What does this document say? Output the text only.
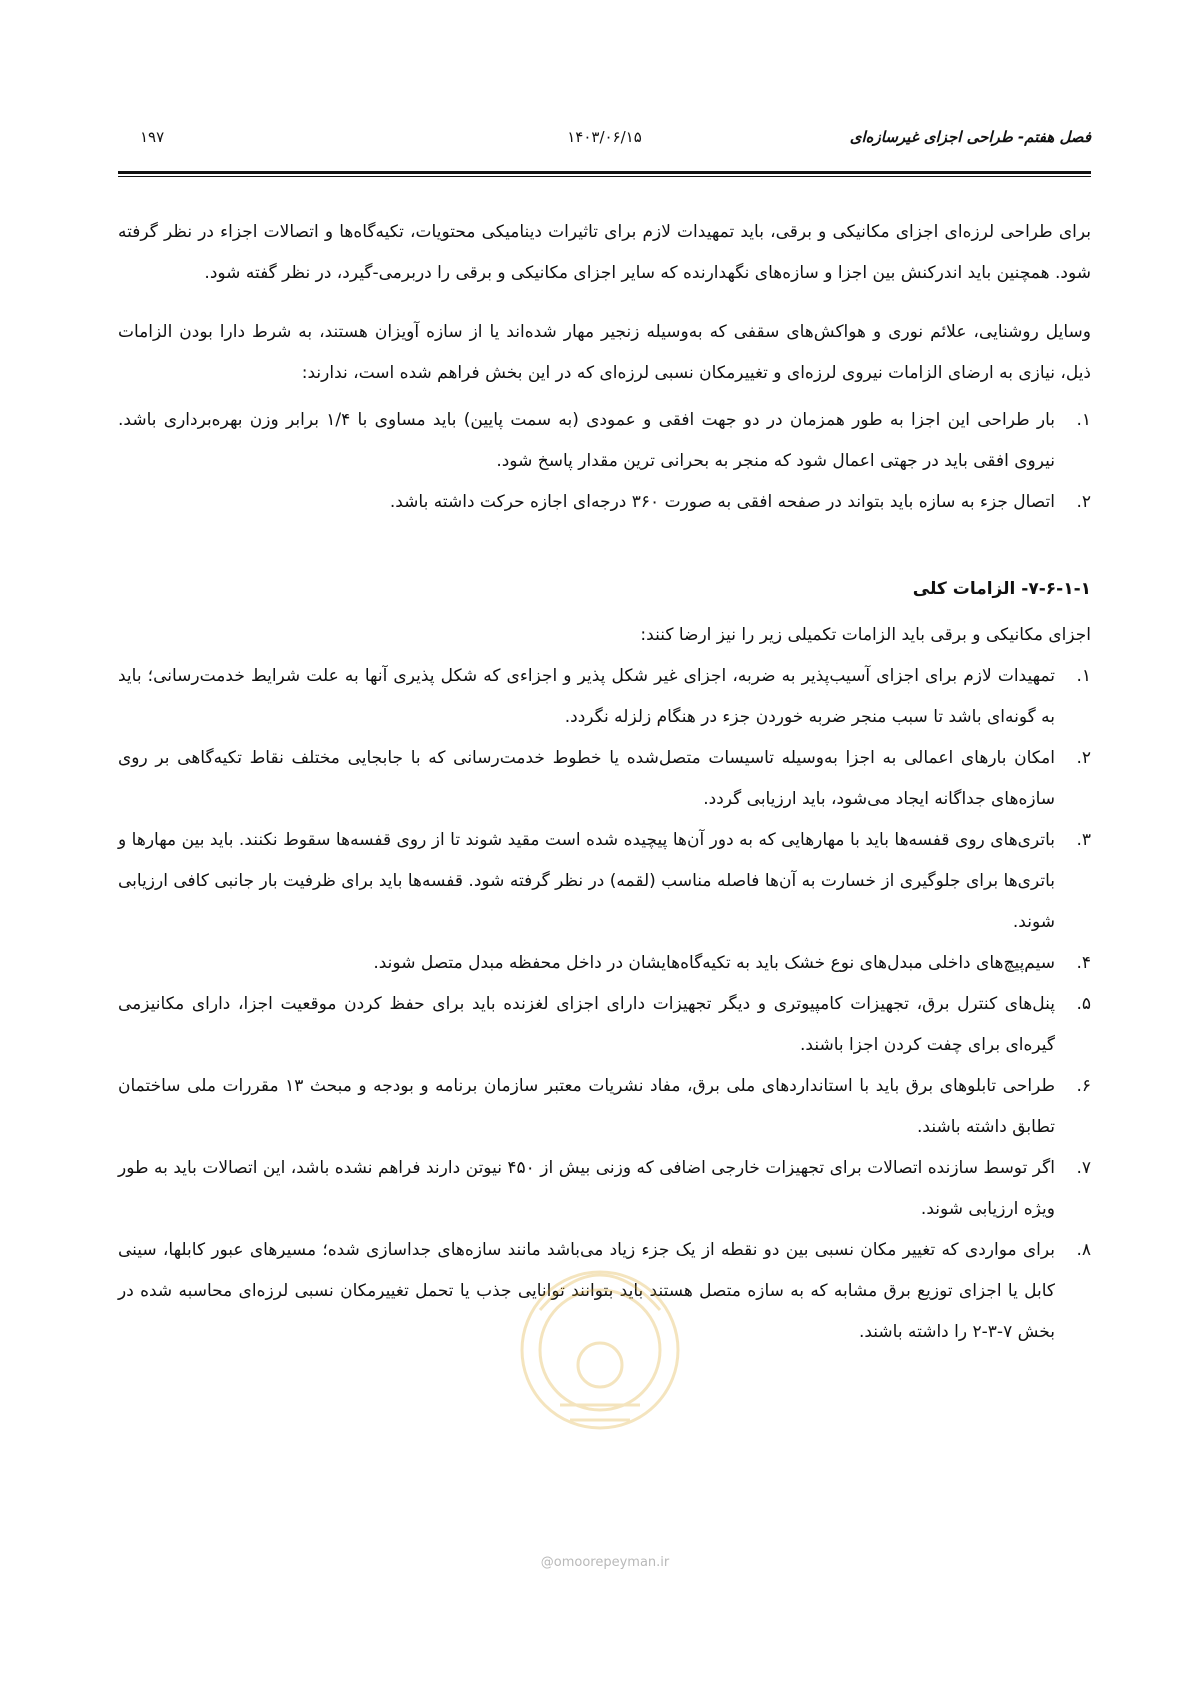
فصل هفتم- طراحی اجزای غیرسازه‌ای
۱۴۰۳/۰۶/۱۵
۱۹۷

برای طراحی لرزه‌ای اجزای مکانیکی و برقی، باید تمهیدات لازم برای تاثیرات دینامیکی محتویات، تکیه‌گاه‌ها و اتصالات اجزاء در نظر گرفته شود. همچنین باید اندرکنش بین اجزا و سازه‌های نگهدارنده که سایر اجزای مکانیکی و برقی را دربرمی-گیرد، در نظر گفته شود.

وسایل روشنایی، علائم نوری و هواکش‌های سقفی که به‌وسیله زنجیر مهار شده‌اند یا از سازه آویزان هستند، به شرط دارا بودن الزامات ذیل، نیازی به ارضای الزامات نیروی لرزه‌ای و تغییرمکان نسبی لرزه‌ای که در این بخش فراهم شده است، ندارند:

۱.
بار طراحی این اجزا به طور همزمان در دو جهت افقی و عمودی (به سمت پایین) باید مساوی با ۱/۴ برابر وزن بهره‌برداری باشد. نیروی افقی باید در جهتی اعمال شود که منجر به بحرانی ترین مقدار پاسخ شود.
۲.
اتصال جزء به سازه باید بتواند در صفحه افقی به صورت ۳۶۰ درجه‌ای اجازه حرکت داشته باشد.
۷-۶-۱-۱- الزامات کلی

اجزای مکانیکی و برقی باید الزامات تکمیلی زیر را نیز ارضا کنند:

۱.
تمهیدات لازم برای اجزای آسیب‌پذیر به ضربه، اجزای غیر شکل پذیر و اجزاءی که شکل پذیری آنها به علت شرایط خدمت‌رسانی؛ باید به گونه‌ای باشد تا سبب منجر ضربه خوردن جزء در هنگام زلزله نگردد.
۲.
امکان بارهای اعمالی به اجزا به‌وسیله تاسیسات متصل‌شده یا خطوط خدمت‌رسانی که با جابجایی مختلف نقاط تکیه‌گاهی بر روی سازه‌های جداگانه ایجاد می‌شود، باید ارزیابی گردد.
۳.
باتری‌های روی قفسه‌ها باید با مهارهایی که به دور آن‌ها پیچیده شده است مقید شوند تا از روی قفسه‌ها سقوط نکنند. باید بین مهارها و باتری‌ها برای جلوگیری از خسارت به آن‌ها فاصله مناسب (لقمه) در نظر گرفته شود. قفسه‌ها باید برای ظرفیت بار جانبی کافی ارزیابی شوند.
۴.
سیم‌پیچ‌های داخلی مبدل‌های نوع خشک باید به تکیه‌گاه‌هایشان در داخل محفظه مبدل متصل شوند.
۵.
پنل‌های کنترل برق، تجهیزات کامپیوتری و دیگر تجهیزات دارای اجزای لغزنده باید برای حفظ کردن موقعیت اجزا، دارای مکانیزمی گیره‌ای برای چفت کردن اجزا باشند.
۶.
طراحی تابلوهای برق باید با استانداردهای ملی برق، مفاد نشریات معتبر سازمان برنامه و بودجه و مبحث ۱۳ مقررات ملی ساختمان تطابق داشته باشند.
۷.
اگر توسط سازنده اتصالات برای تجهیزات خارجی اضافی که وزنی بیش از ۴۵۰ نیوتن دارند فراهم نشده باشد، این اتصالات باید به طور ویژه ارزیابی شوند.
۸.
برای مواردی که تغییر مکان نسبی بین دو نقطه از یک جزء زیاد می‌باشد مانند سازه‌های جداسازی شده؛ مسیرهای عبور کابلها، سینی کابل یا اجزای توزیع برق مشابه که به سازه متصل هستند باید بتوانند توانایی جذب یا تحمل تغییرمکان نسبی لرزه‌ای محاسبه شده در بخش ۷-۳-۲ را داشته باشند.
@omoorepeyman.ir
